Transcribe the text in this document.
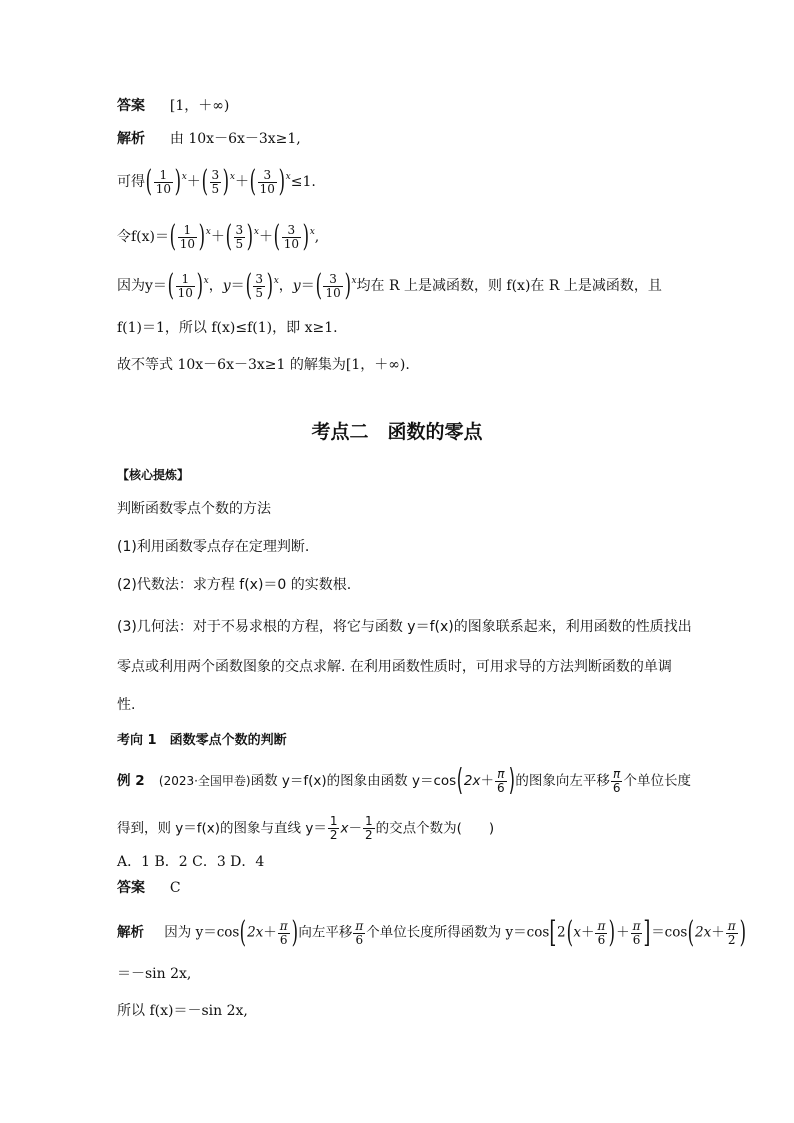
答案 [1，＋∞)
解析 由 10x－6x－3x≥1,
可得( $\frac{1}{10} )^x+( \frac{3}{5} )^x+( \frac{3}{10} )^x\le 1$.
令$f(x)=( \frac{1}{10} )^x+( \frac{3}{5} )^x+( \frac{3}{10} )^x$,
因为$y=( \frac{1}{10} )^x$，$y=( \frac{3}{5} )^x$，$y=( \frac{3}{10} )^x$均在 R 上是减函数，则 f(x)在 R 上是减函数，且
f(1)＝1，所以 f(x)≤f(1)，即 x≥1.
故不等式 10x－6x－3x≥1 的解集为[1，＋∞).
考点二　函数的零点
【核心提炼】
判断函数零点个数的方法
(1)利用函数零点存在定理判断.
(2)代数法：求方程 f(x)＝0 的实数根.
(3)几何法：对于不易求根的方程，将它与函数 y＝f(x)的图象联系起来，利用函数的性质找出
零点或利用两个函数图象的交点求解. 在利用函数性质时，可用求导的方法判断函数的单调
性.
考向 1　函数零点个数的判断
例 2 (2023·全国甲卷)函数 y＝f(x)的图象由函数 $y=\cos(2x+ \frac{\pi}{6}$ )的图象向左平移 $\frac{\pi}{6}$ 个单位长度
得到，则 y＝f(x)的图象与直线 $y= \frac{1}{2} x- \frac{1}{2}$ 的交点个数为(　　)
A．1 B．2 C．3 D．4
答案 C
解析 因为 $y=\cos(2x+ \frac{\pi}{6}$ )向左平移 $\frac{\pi}{6}$ 个单位长度所得函数为 $y=\cos[2(x+ \frac{\pi}{6}$ )＋ $\frac{\pi}{6} ]=\cos(2x+ \frac{\pi}{2}$ )
＝－sin 2x,
所以 f(x)＝－sin 2x,
